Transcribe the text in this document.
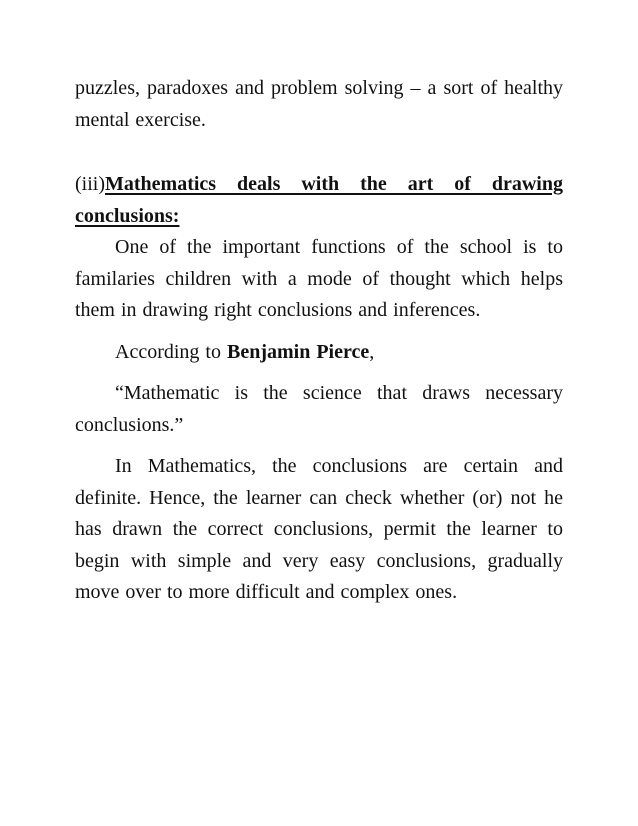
puzzles, paradoxes and problem solving – a sort of healthy mental exercise.

(iii)Mathematics deals with the art of drawing conclusions:

One of the important functions of the school is to familaries children with a mode of thought which helps them in drawing right conclusions and inferences.

According to Benjamin Pierce,

“Mathematic is the science that draws necessary conclusions.”

In Mathematics, the conclusions are certain and definite. Hence, the learner can check whether (or) not he has drawn the correct conclusions, permit the learner to begin with simple and very easy conclusions, gradually move over to more difficult and complex ones.
